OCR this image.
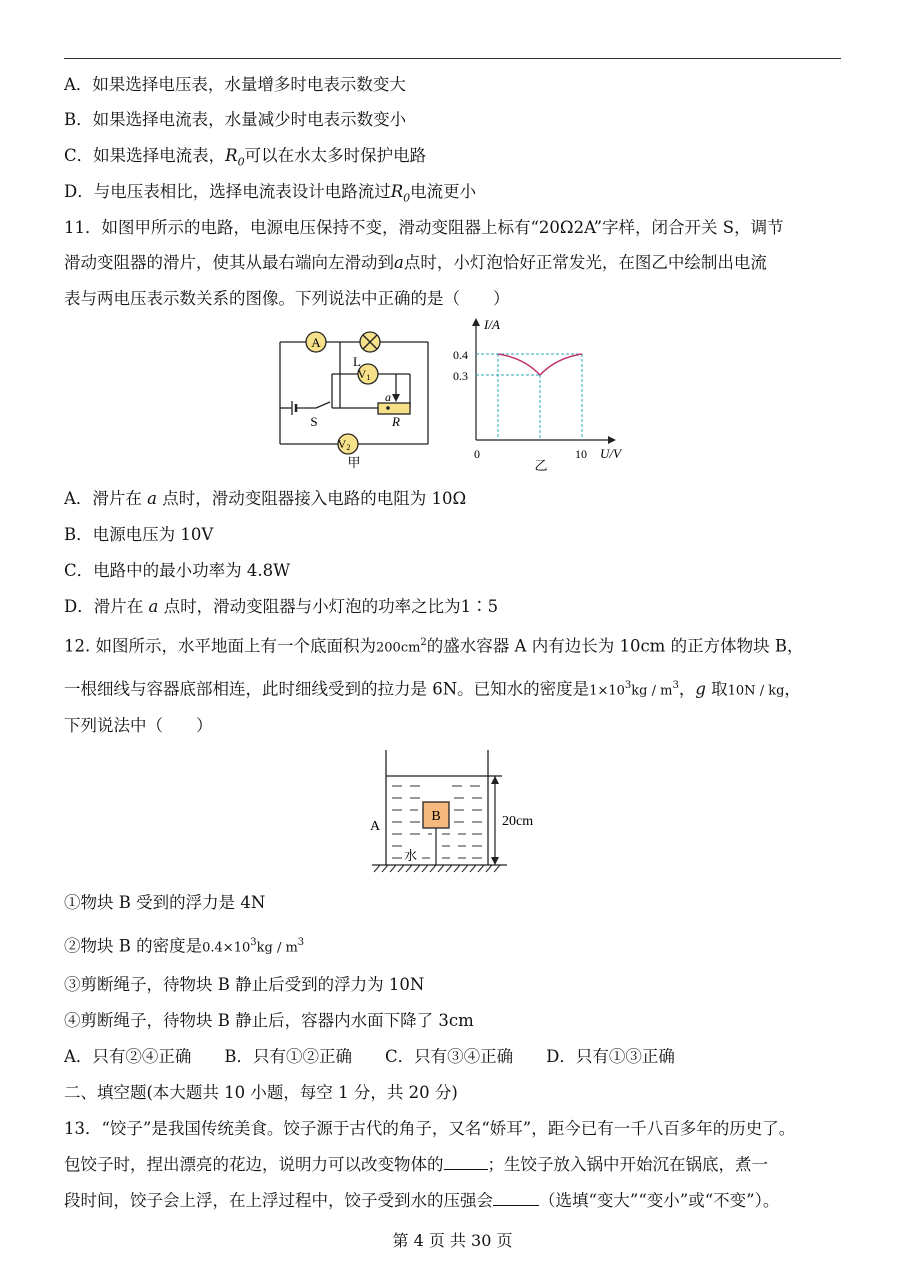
A．如果选择电压表，水量增多时电表示数变大
B．如果选择电流表，水量减少时电表示数变小
C．如果选择电流表，$R_0$可以在水太多时保护电路
D．与电压表相比，选择电流表设计电路流过$R_0$电流更小
11．如图甲所示的电路，电源电压保持不变，滑动变阻器上标有“20Ω2A”字样，闭合开关 S，调节
滑动变阻器的滑片，使其从最右端向左滑动到a点时，小灯泡恰好正常发光，在图乙中绘制出电流
表与两电压表示数关系的图像。下列说法中正确的是（　　）
A
L
V1
V2
S
a
R
甲
I/A
0.4
0.3
0	10 U/V
乙
A．滑片在 a 点时，滑动变阻器接入电路的电阻为 10Ω
B．电源电压为 10V
C．电路中的最小功率为 4.8W
D．滑片在 a 点时，滑动变阻器与小灯泡的功率之比为1∶5
12. 如图所示，水平地面上有一个底面积为$200cm^2$的盛水容器 A 内有边长为 10cm 的正方体物块 B，
一根细线与容器底部相连，此时细线受到的拉力是 6N。已知水的密度是$1\times 10^3kg / m^3$，g 取10N / kg，
下列说法中（　　）
A
B
水
20cm
①物块 B 受到的浮力是 4N
②物块 B 的密度是$0.4\times 10^3kg / m^3$
③剪断绳子，待物块 B 静止后受到的浮力为 10N
④剪断绳子，待物块 B 静止后，容器内水面下降了 3cm
A．只有②④正确　　B．只有①②正确　　C．只有③④正确　　D．只有①③正确
二、填空题(本大题共 10 小题，每空 1 分，共 20 分)
13．“饺子”是我国传统美食。饺子源于古代的角子，又名“娇耳”，距今已有一千八百多年的历史了。
包饺子时，捏出漂亮的花边，说明力可以改变物体的	；生饺子放入锅中开始沉在锅底，煮一
段时间，饺子会上浮，在上浮过程中，饺子受到水的压强会	（选填“变大”“变小”或“不变”）。
第 4 页 共 30 页
